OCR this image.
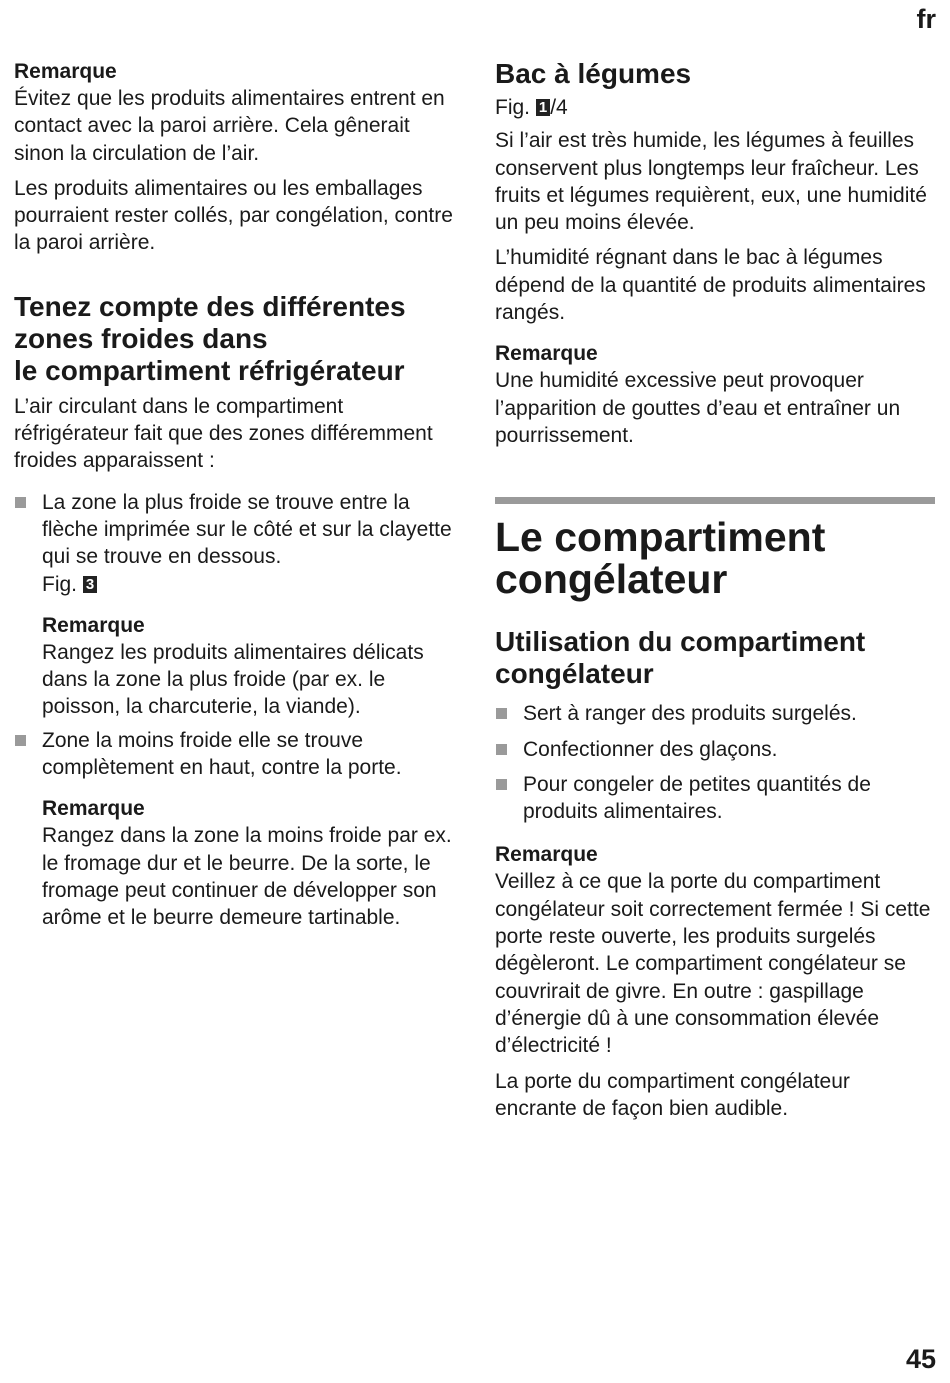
fr
Remarque

Évitez que les produits alimentaires entrent en contact avec la paroi arrière. Cela gênerait sinon la circulation de l’air.

Les produits alimentaires ou les emballages pourraient rester collés, par congélation, contre la paroi arrière.

Tenez compte des différentes
zones froides dans
le compartiment réfrigérateur

L’air circulant dans le compartiment réfrigérateur fait que des zones différemment froides apparaissent :

La zone la plus froide se trouve entre la flèche imprimée sur le côté et sur la clayette qui se trouve en dessous.
Fig. 3

Remarque

Rangez les produits alimentaires délicats dans la zone la plus froide (par ex. le poisson, la charcuterie, la viande).

Zone la moins froide elle se trouve complètement en haut, contre la porte.

Remarque

Rangez dans la zone la moins froide par ex. le fromage dur et le beurre. De la sorte, le fromage peut continuer de développer son arôme et le beurre demeure tartinable.

Bac à légumes

Fig. 1 /4

Si l’air est très humide, les légumes à feuilles conservent plus longtemps leur fraîcheur. Les fruits et légumes requièrent, eux, une humidité un peu moins élevée.

L’humidité régnant dans le bac à légumes dépend de la quantité de produits alimentaires rangés.

Remarque

Une humidité excessive peut provoquer l’apparition de gouttes d’eau et entraîner un pourrissement.

Le compartiment
congélateur
Utilisation du compartiment
congélateur

Sert à ranger des produits surgelés.

Confectionner des glaçons.

Pour congeler de petites quantités de produits alimentaires.

Remarque

Veillez à ce que la porte du compartiment congélateur soit correctement fermée ! Si cette porte reste ouverte, les produits surgelés dégèleront. Le compartiment congélateur se couvrirait de givre. En outre : gaspillage d’énergie dû à une consommation élevée d’électricité !

La porte du compartiment congélateur encrante de façon bien audible.

45
